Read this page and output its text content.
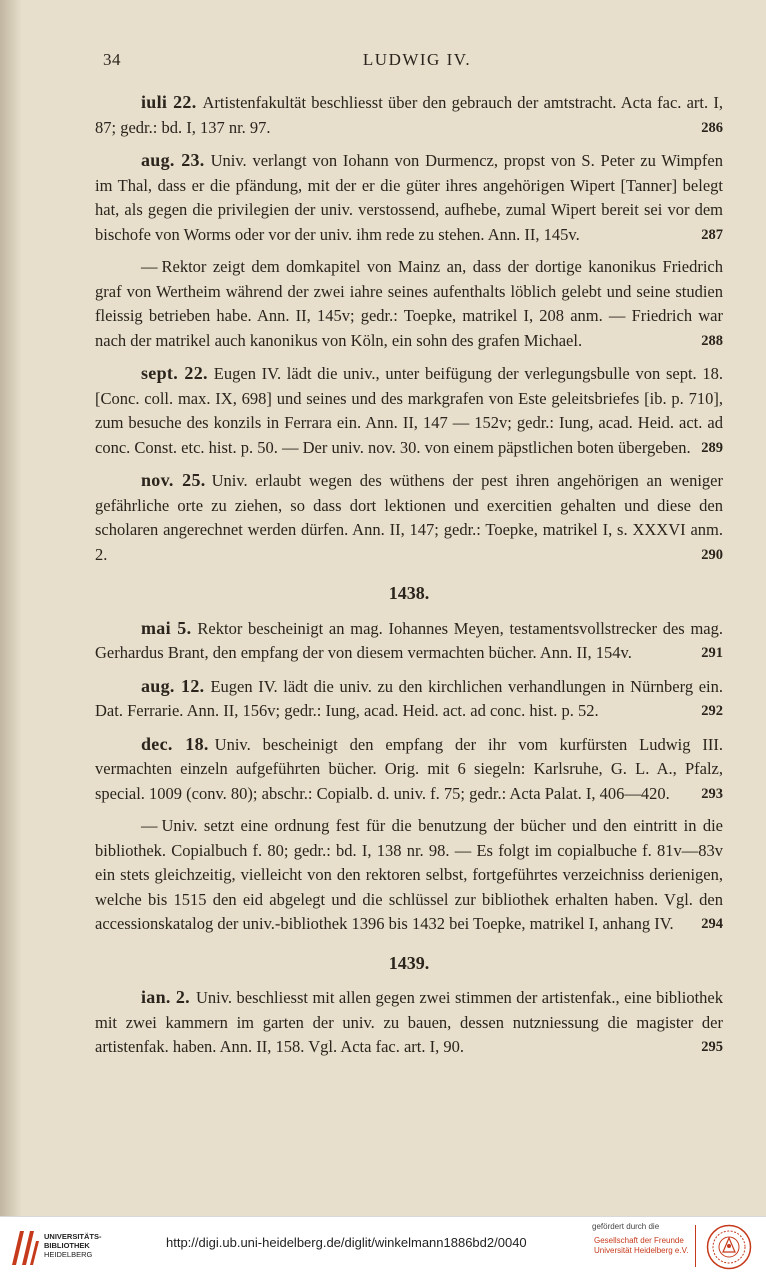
34	LUDWIG IV.
iuli 22. Artistenfakultät beschliesst über den gebrauch der amtstracht. Acta fac. art. I, 87; gedr.: bd. I, 137 nr. 97.	286
aug. 23. Univ. verlangt von Iohann von Durmencz, propst von S. Peter zu Wimpfen im Thal, dass er die pfändung, mit der er die güter ihres angehörigen Wipert [Tanner] belegt hat, als gegen die privilegien der univ. verstossend, aufhebe, zumal Wipert bereit sei vor dem bischofe von Worms oder vor der univ. ihm rede zu stehen. Ann. II, 145v.	287
— Rektor zeigt dem domkapitel von Mainz an, dass der dortige kanonikus Friedrich graf von Wertheim während der zwei iahre seines aufenthalts löblich gelebt und seine studien fleissig betrieben habe. Ann. II, 145v; gedr.: Toepke, matrikel I, 208 anm. — Friedrich war nach der matrikel auch kanonikus von Köln, ein sohn des grafen Michael.	288
sept. 22. Eugen IV. lädt die univ., unter beifügung der verlegungsbulle von sept. 18. [Conc. coll. max. IX, 698] und seines und des markgrafen von Este geleitsbriefes [ib. p. 710], zum besuche des konzils in Ferrara ein. Ann. II, 147 — 152v; gedr.: Iung, acad. Heid. act. ad conc. Const. etc. hist. p. 50. — Der univ. nov. 30. von einem päpstlichen boten übergeben. 289
nov. 25. Univ. erlaubt wegen des wüthens der pest ihren angehörigen an weniger gefährliche orte zu ziehen, so dass dort lektionen und exercitien gehalten und diese den scholaren angerechnet werden dürfen. Ann. II, 147; gedr.: Toepke, matrikel I, s. XXXVI anm. 2.	290
1438.
mai 5. Rektor bescheinigt an mag. Iohannes Meyen, testamentsvollstrecker des mag. Gerhardus Brant, den empfang der von diesem vermachten bücher. Ann. II, 154v.	291
aug. 12. Eugen IV. lädt die univ. zu den kirchlichen verhandlungen in Nürnberg ein. Dat. Ferrarie. Ann. II, 156v; gedr.: Iung, acad. Heid. act. ad conc. hist. p. 52.	292
dec. 18. Univ. bescheinigt den empfang der ihr vom kurfürsten Ludwig III. vermachten einzeln aufgeführten bücher. Orig. mit 6 siegeln: Karlsruhe, G. L. A., Pfalz, special. 1009 (conv. 80); abschr.: Copialb. d. univ. f. 75; gedr.: Acta Palat. I, 406—420. 293
— Univ. setzt eine ordnung fest für die benutzung der bücher und den eintritt in die bibliothek. Copialbuch f. 80; gedr.: bd. I, 138 nr. 98. — Es folgt im copialbuche f. 81v—83v ein stets gleichzeitig, vielleicht von den rektoren selbst, fortgeführtes verzeichniss derienigen, welche bis 1515 den eid abgelegt und die schlüssel zur bibliothek erhalten haben. Vgl. den accessionskatalog der univ.-bibliothek 1396 bis 1432 bei Toepke, matrikel I, anhang IV. 294
1439.
ian. 2. Univ. beschliesst mit allen gegen zwei stimmen der artistenfak., eine bibliothek mit zwei kammern im garten der univ. zu bauen, dessen nutzniessung die magister der artistenfak. haben. Ann. II, 158. Vgl. Acta fac. art. I, 90.	295
UNIVERSITÄTS-
BIBLIOTHEK
HEIDELBERG
http://digi.ub.uni-heidelberg.de/diglit/winkelmann1886bd2/0040
gefördert durch die
Gesellschaft der Freunde
Universität Heidelberg e.V.
